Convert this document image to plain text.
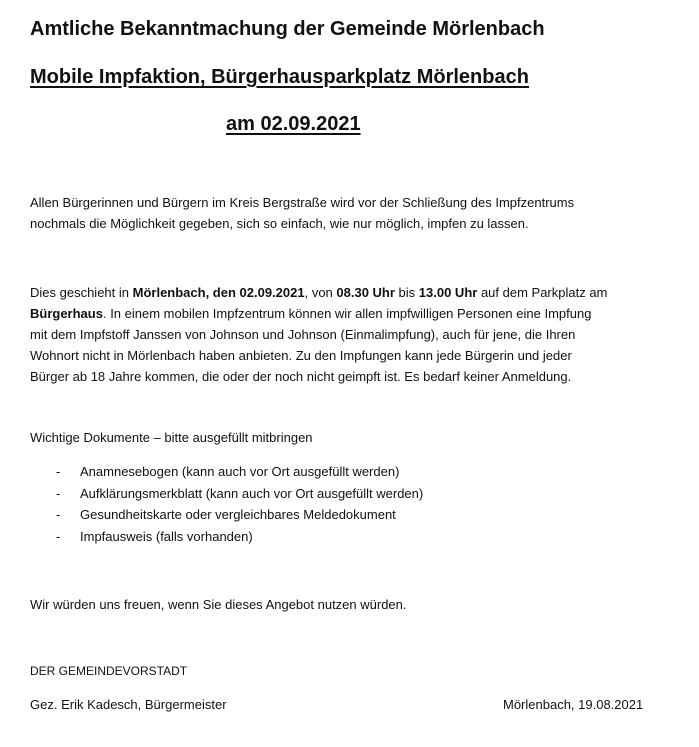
Amtliche Bekanntmachung der Gemeinde Mörlenbach
Mobile Impfaktion, Bürgerhausparkplatz Mörlenbach
am 02.09.2021
Allen Bürgerinnen und Bürgern im Kreis Bergstraße wird vor der Schließung des Impfzentrums
nochmals die Möglichkeit gegeben, sich so einfach, wie nur möglich, impfen zu lassen.
Dies geschieht in Mörlenbach, den 02.09.2021, von 08.30 Uhr bis 13.00 Uhr auf dem Parkplatz am
Bürgerhaus. In einem mobilen Impfzentrum können wir allen impfwilligen Personen eine Impfung
mit dem Impfstoff Janssen von Johnson und Johnson (Einmalimpfung), auch für jene, die Ihren
Wohnort nicht in Mörlenbach haben anbieten. Zu den Impfungen kann jede Bürgerin und jeder
Bürger ab 18 Jahre kommen, die oder der noch nicht geimpft ist. Es bedarf keiner Anmeldung.
Wichtige Dokumente – bitte ausgefüllt mitbringen
- Anamnesebogen (kann auch vor Ort ausgefüllt werden)
- Aufklärungsmerkblatt (kann auch vor Ort ausgefüllt werden)
- Gesundheitskarte oder vergleichbares Meldedokument
- Impfausweis (falls vorhanden)
Wir würden uns freuen, wenn Sie dieses Angebot nutzen würden.
DER GEMEINDEVORSTADT
Gez. Erik Kadesch, Bürgermeister	Mörlenbach, 19.08.2021
